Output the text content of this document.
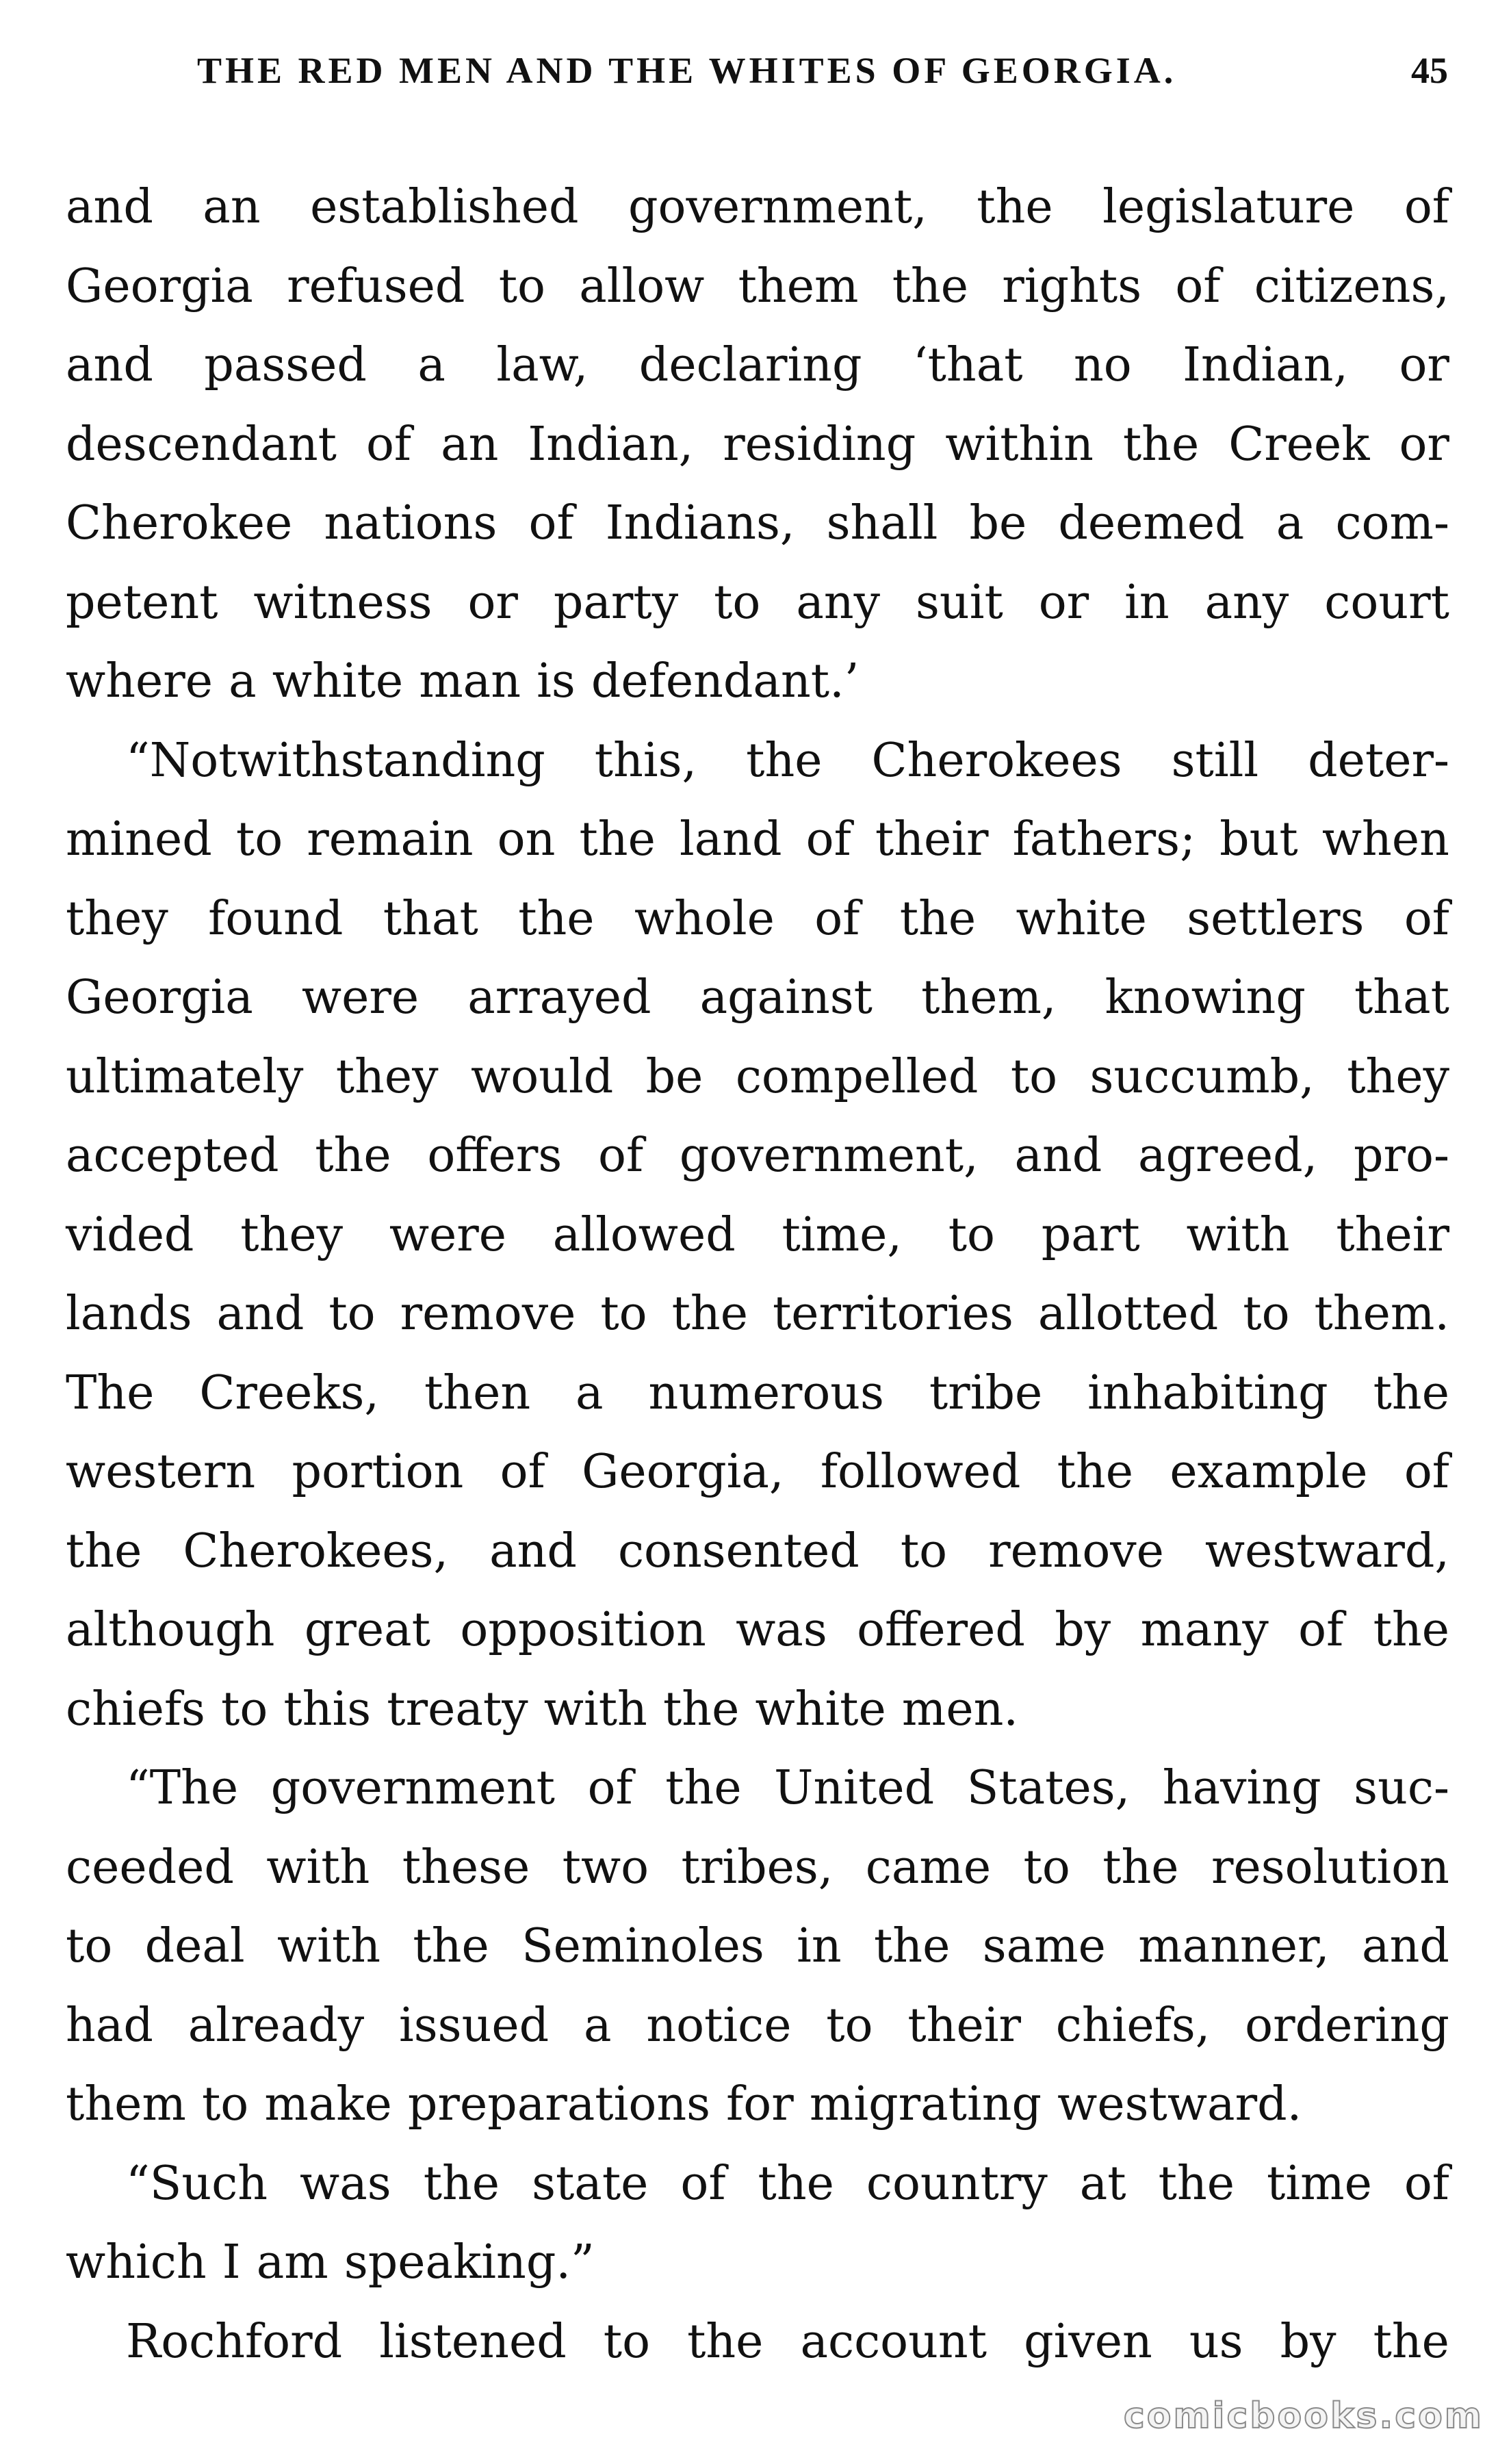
THE RED MEN AND THE WHITES OF GEORGIA.	45
and an established government, the legislature of
Georgia refused to allow them the rights of citizens,
and passed a law, declaring ‘that no Indian, or
descendant of an Indian, residing within the Creek or
Cherokee nations of Indians, shall be deemed a com-
petent witness or party to any suit or in any court
where a white man is defendant.’
“Notwithstanding this, the Cherokees still deter-
mined to remain on the land of their fathers; but when
they found that the whole of the white settlers of
Georgia were arrayed against them, knowing that
ultimately they would be compelled to succumb, they
accepted the offers of government, and agreed, pro-
vided they were allowed time, to part with their
lands and to remove to the territories allotted to them.
The Creeks, then a numerous tribe inhabiting the
western portion of Georgia, followed the example of
the Cherokees, and consented to remove westward,
although great opposition was offered by many of the
chiefs to this treaty with the white men.
“The government of the United States, having suc-
ceeded with these two tribes, came to the resolution
to deal with the Seminoles in the same manner, and
had already issued a notice to their chiefs, ordering
them to make preparations for migrating westward.
“Such was the state of the country at the time of
which I am speaking.”
Rochford listened to the account given us by the
comicbooks.com
